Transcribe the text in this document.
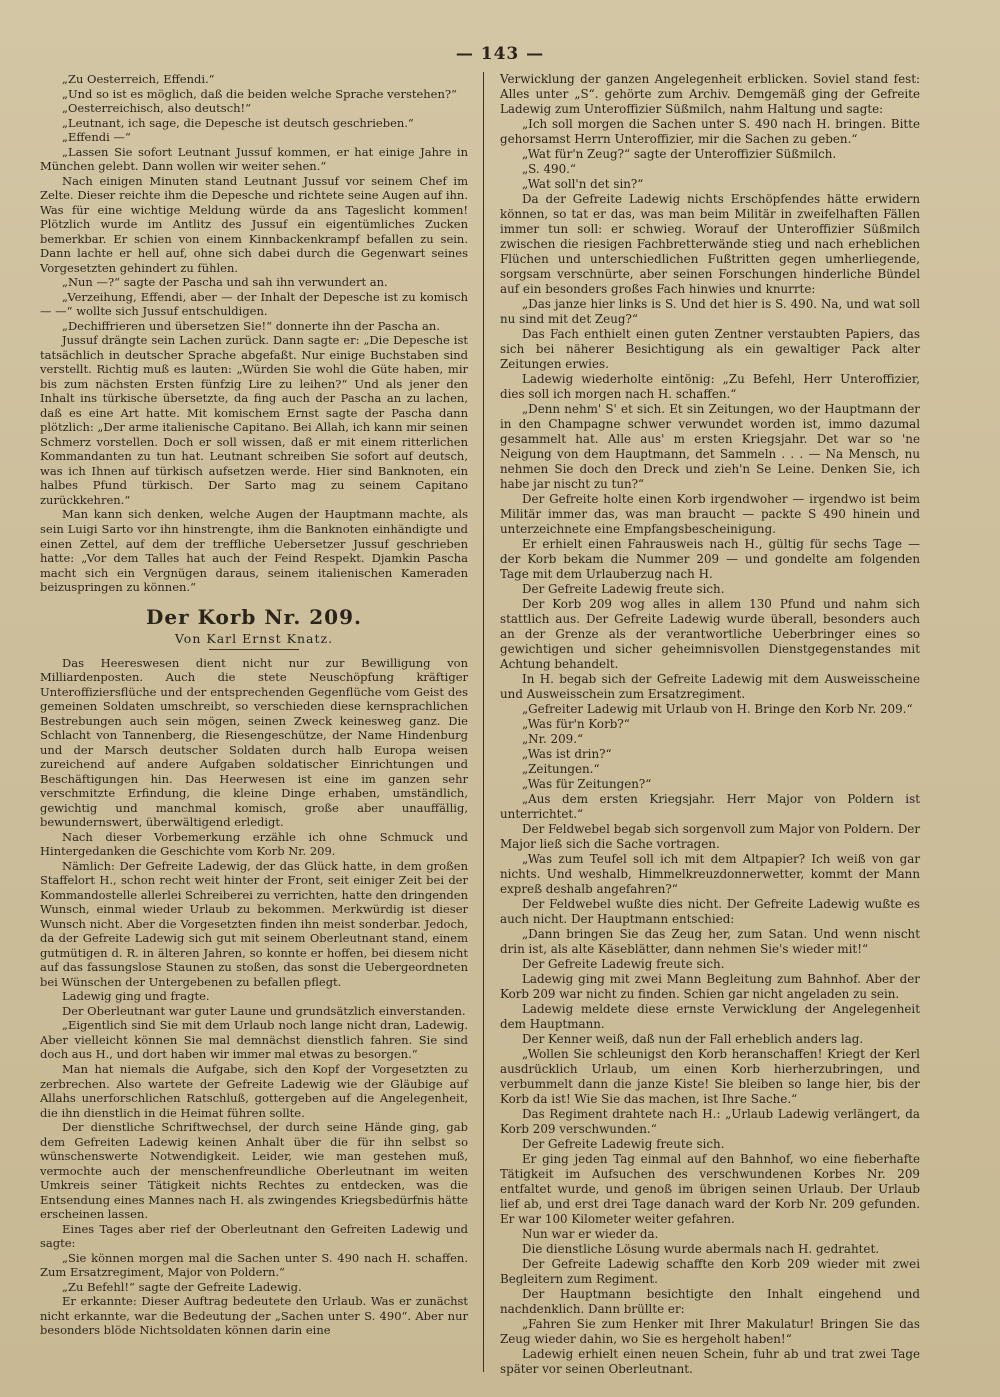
— 143 —

„Zu Oesterreich, Effendi.“

„Und so ist es möglich, daß die beiden welche Sprache verstehen?“

„Oesterreichisch, also deutsch!“

„Leutnant, ich sage, die Depesche ist deutsch geschrieben.“

„Effendi —“

„Lassen Sie sofort Leutnant Jussuf kommen, er hat einige Jahre in München gelebt. Dann wollen wir weiter sehen.“

Nach einigen Minuten stand Leutnant Jussuf vor seinem Chef im Zelte. Dieser reichte ihm die Depesche und richtete seine Augen auf ihn. Was für eine wichtige Meldung würde da ans Tageslicht kommen! Plötzlich wurde im Antlitz des Jussuf ein eigentümliches Zucken bemerkbar. Er schien von einem Kinnbackenkrampf befallen zu sein. Dann lachte er hell auf, ohne sich dabei durch die Gegenwart seines Vorgesetzten gehindert zu fühlen.

„Nun —?“ sagte der Pascha und sah ihn verwundert an.

„Verzeihung, Effendi, aber — der Inhalt der Depesche ist zu komisch — —“ wollte sich Jussuf entschuldigen.

„Dechiffrieren und übersetzen Sie!“ donnerte ihn der Pascha an.

Jussuf drängte sein Lachen zurück. Dann sagte er: „Die Depesche ist tatsächlich in deutscher Sprache abgefaßt. Nur einige Buchstaben sind verstellt. Richtig muß es lauten: „Würden Sie wohl die Güte haben, mir bis zum nächsten Ersten fünfzig Lire zu leihen?“ Und als jener den Inhalt ins türkische übersetzte, da fing auch der Pascha an zu lachen, daß es eine Art hatte. Mit komischem Ernst sagte der Pascha dann plötzlich: „Der arme italienische Capitano. Bei Allah, ich kann mir seinen Schmerz vorstellen. Doch er soll wissen, daß er mit einem ritterlichen Kommandanten zu tun hat. Leutnant schreiben Sie sofort auf deutsch, was ich Ihnen auf türkisch aufsetzen werde. Hier sind Banknoten, ein halbes Pfund türkisch. Der Sarto mag zu seinem Capitano zurückkehren.“

Man kann sich denken, welche Augen der Hauptmann machte, als sein Luigi Sarto vor ihn hinstrengte, ihm die Banknoten einhändigte und einen Zettel, auf dem der treffliche Uebersetzer Jussuf geschrieben hatte: „Vor dem Talles hat auch der Feind Respekt. Djamkin Pascha macht sich ein Vergnügen daraus, seinem italienischen Kameraden beizuspringen zu können.“

Der Korb Nr. 209.
Von Karl Ernst Knatz.

Das Heereswesen dient nicht nur zur Bewilligung von Milliardenposten. Auch die stete Neuschöpfung kräftiger Unteroffiziersflüche und der entsprechenden Gegenflüche vom Geist des gemeinen Soldaten umschreibt, so verschieden diese kernsprachlichen Bestrebungen auch sein mögen, seinen Zweck keinesweg ganz. Die Schlacht von Tannenberg, die Riesengeschütze, der Name Hindenburg und der Marsch deutscher Soldaten durch halb Europa weisen zureichend auf andere Aufgaben soldatischer Einrichtungen und Beschäftigungen hin. Das Heerwesen ist eine im ganzen sehr verschmitzte Erfindung, die kleine Dinge erhaben, umständlich, gewichtig und manchmal komisch, große aber unauffällig, bewundernswert, überwältigend erledigt.

Nach dieser Vorbemerkung erzähle ich ohne Schmuck und Hintergedanken die Geschichte vom Korb Nr. 209.

Nämlich: Der Gefreite Ladewig, der das Glück hatte, in dem großen Staffelort H., schon recht weit hinter der Front, seit einiger Zeit bei der Kommandostelle allerlei Schreiberei zu verrichten, hatte den dringenden Wunsch, einmal wieder Urlaub zu bekommen. Merkwürdig ist dieser Wunsch nicht. Aber die Vorgesetzten finden ihn meist sonderbar. Jedoch, da der Gefreite Ladewig sich gut mit seinem Oberleutnant stand, einem gutmütigen d. R. in älteren Jahren, so konnte er hoffen, bei diesem nicht auf das fassungslose Staunen zu stoßen, das sonst die Uebergeordneten bei Wünschen der Untergebenen zu befallen pflegt.

Ladewig ging und fragte.

Der Oberleutnant war guter Laune und grundsätzlich einverstanden.

„Eigentlich sind Sie mit dem Urlaub noch lange nicht dran, Ladewig. Aber vielleicht können Sie mal demnächst dienstlich fahren. Sie sind doch aus H., und dort haben wir immer mal etwas zu besorgen.“

Man hat niemals die Aufgabe, sich den Kopf der Vorgesetzten zu zerbrechen. Also wartete der Gefreite Ladewig wie der Gläubige auf Allahs unerforschlichen Ratschluß, gottergeben auf die Angelegenheit, die ihn dienstlich in die Heimat führen sollte.

Der dienstliche Schriftwechsel, der durch seine Hände ging, gab dem Gefreiten Ladewig keinen Anhalt über die für ihn selbst so wünschenswerte Notwendigkeit. Leider, wie man gestehen muß, vermochte auch der menschenfreundliche Oberleutnant im weiten Umkreis seiner Tätigkeit nichts Rechtes zu entdecken, was die Entsendung eines Mannes nach H. als zwingendes Kriegsbedürfnis hätte erscheinen lassen.

Eines Tages aber rief der Oberleutnant den Gefreiten Ladewig und sagte:

„Sie können morgen mal die Sachen unter S. 490 nach H. schaffen. Zum Ersatzregiment, Major von Poldern.“

„Zu Befehl!“ sagte der Gefreite Ladewig.

Er erkannte: Dieser Auftrag bedeutete den Urlaub. Was er zunächst nicht erkannte, war die Bedeutung der „Sachen unter S. 490“. Aber nur besonders blöde Nichtsoldaten können darin eine

Verwicklung der ganzen Angelegenheit erblicken. Soviel stand fest: Alles unter „S“. gehörte zum Archiv. Demgemäß ging der Gefreite Ladewig zum Unteroffizier Süßmilch, nahm Haltung und sagte:

„Ich soll morgen die Sachen unter S. 490 nach H. bringen. Bitte gehorsamst Herrn Unteroffizier, mir die Sachen zu geben.“

„Wat für'n Zeug?“ sagte der Unteroffizier Süßmilch.

„S. 490.“

„Wat soll'n det sin?“

Da der Gefreite Ladewig nichts Erschöpfendes hätte erwidern können, so tat er das, was man beim Militär in zweifelhaften Fällen immer tun soll: er schwieg. Worauf der Unteroffizier Süßmilch zwischen die riesigen Fachbretterwände stieg und nach erheblichen Flüchen und unterschiedlichen Fußtritten gegen umherliegende, sorgsam verschnürte, aber seinen Forschungen hinderliche Bündel auf ein besonders großes Fach hinwies und knurrte:

„Das janze hier links is S. Und det hier is S. 490. Na, und wat soll nu sind mit det Zeug?“

Das Fach enthielt einen guten Zentner verstaubten Papiers, das sich bei näherer Besichtigung als ein gewaltiger Pack alter Zeitungen erwies.

Ladewig wiederholte eintönig: „Zu Befehl, Herr Unteroffizier, dies soll ich morgen nach H. schaffen.“

„Denn nehm' S' et sich. Et sin Zeitungen, wo der Hauptmann der in den Champagne schwer verwundet worden ist, immo dazumal gesammelt hat. Alle aus' m ersten Kriegsjahr. Det war so 'ne Neigung von dem Hauptmann, det Sammeln . . . — Na Mensch, nu nehmen Sie doch den Dreck und zieh'n Se Leine. Denken Sie, ich habe jar nischt zu tun?“

Der Gefreite holte einen Korb irgendwoher — irgendwo ist beim Militär immer das, was man braucht — packte S 490 hinein und unterzeichnete eine Empfangsbescheinigung.

Er erhielt einen Fahrausweis nach H., gültig für sechs Tage — der Korb bekam die Nummer 209 — und gondelte am folgenden Tage mit dem Urlauberzug nach H.

Der Gefreite Ladewig freute sich.

Der Korb 209 wog alles in allem 130 Pfund und nahm sich stattlich aus. Der Gefreite Ladewig wurde überall, besonders auch an der Grenze als der verantwortliche Ueberbringer eines so gewichtigen und sicher geheimnisvollen Dienstgegenstandes mit Achtung behandelt.

In H. begab sich der Gefreite Ladewig mit dem Ausweisscheine und Ausweisschein zum Ersatzregiment.

„Gefreiter Ladewig mit Urlaub von H. Bringe den Korb Nr. 209.“

„Was für'n Korb?“

„Nr. 209.“

„Was ist drin?“

„Zeitungen.“

„Was für Zeitungen?“

„Aus dem ersten Kriegsjahr. Herr Major von Poldern ist unterrichtet.“

Der Feldwebel begab sich sorgenvoll zum Major von Poldern. Der Major ließ sich die Sache vortragen.

„Was zum Teufel soll ich mit dem Altpapier? Ich weiß von gar nichts. Und weshalb, Himmelkreuzdonnerwetter, kommt der Mann expreß deshalb angefahren?“

Der Feldwebel wußte dies nicht. Der Gefreite Ladewig wußte es auch nicht. Der Hauptmann entschied:

„Dann bringen Sie das Zeug her, zum Satan. Und wenn nischt drin ist, als alte Käseblätter, dann nehmen Sie's wieder mit!“

Der Gefreite Ladewig freute sich.

Ladewig ging mit zwei Mann Begleitung zum Bahnhof. Aber der Korb 209 war nicht zu finden. Schien gar nicht angeladen zu sein.

Ladewig meldete diese ernste Verwicklung der Angelegenheit dem Hauptmann.

Der Kenner weiß, daß nun der Fall erheblich anders lag.

„Wollen Sie schleunigst den Korb heranschaffen! Kriegt der Kerl ausdrücklich Urlaub, um einen Korb hierherzubringen, und verbummelt dann die janze Kiste! Sie bleiben so lange hier, bis der Korb da ist! Wie Sie das machen, ist Ihre Sache.“

Das Regiment drahtete nach H.: „Urlaub Ladewig verlängert, da Korb 209 verschwunden.“

Der Gefreite Ladewig freute sich.

Er ging jeden Tag einmal auf den Bahnhof, wo eine fieberhafte Tätigkeit im Aufsuchen des verschwundenen Korbes Nr. 209 entfaltet wurde, und genoß im übrigen seinen Urlaub. Der Urlaub lief ab, und erst drei Tage danach ward der Korb Nr. 209 gefunden. Er war 100 Kilometer weiter gefahren.

Nun war er wieder da.

Die dienstliche Lösung wurde abermals nach H. gedrahtet.

Der Gefreite Ladewig schaffte den Korb 209 wieder mit zwei Begleitern zum Regiment.

Der Hauptmann besichtigte den Inhalt eingehend und nachdenklich. Dann brüllte er:

„Fahren Sie zum Henker mit Ihrer Makulatur! Bringen Sie das Zeug wieder dahin, wo Sie es hergeholt haben!“

Ladewig erhielt einen neuen Schein, fuhr ab und trat zwei Tage später vor seinen Oberleutnant.
